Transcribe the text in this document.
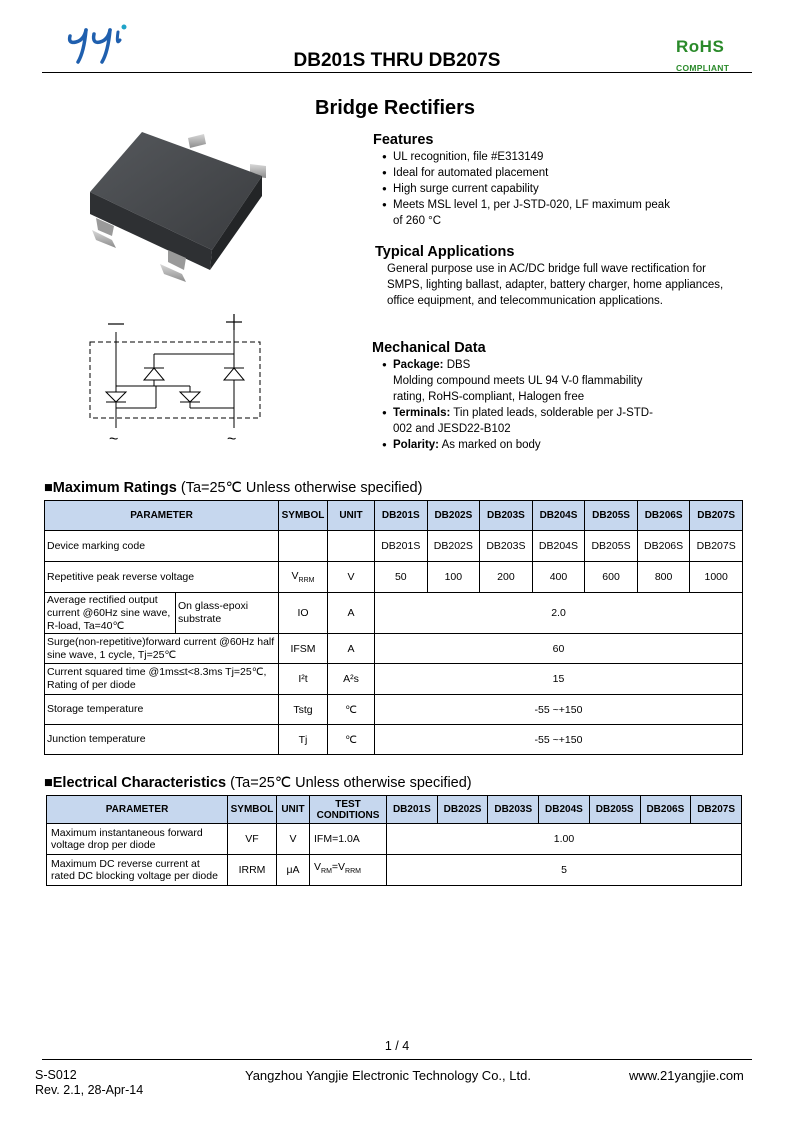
DB201S THRU DB207S
RoHS
COMPLIANT
Bridge Rectifiers
~	~
Features
● UL recognition, file #E313149
● Ideal for automated placement
● High surge current capability
● Meets MSL level 1, per J-STD-020, LF maximum peak of 260 °C
Typical Applications
General purpose use in AC/DC bridge full wave rectification for SMPS, lighting ballast, adapter, battery charger, home appliances, office equipment, and telecommunication applications.
Mechanical Data
● Package: DBS
Molding compound meets UL 94 V-0 flammability rating, RoHS-compliant, Halogen free
● Terminals: Tin plated leads, solderable per J-STD-002 and JESD22-B102
● Polarity: As marked on body
■Maximum Ratings (Ta=25℃ Unless otherwise specified)
PARAMETER		SYMBOL	UNIT	DB201S	DB202S	DB203S	DB204S	DB205S	DB206S	DB207S
Device marking code				DB201S	DB202S	DB203S	DB204S	DB205S	DB206S	DB207S
Repetitive peak reverse voltage		$V_{RRM}$	V	50	100	200	400	600	800	1000
Average rectified output current @60Hz sine wave, R-load, Ta=40℃	On glass-epoxi substrate	IO	A	2.0						
Surge(non-repetitive)forward current @60Hz half sine wave, 1 cycle, Tj=25℃		IFSM	A	60						
Current squared time @1ms≤t<8.3ms Tj=25℃, Rating of per diode		I²t	A²s	15						
Storage temperature		Tstg	℃	-55 ~+150						
Junction temperature		Tj	℃	-55 ~+150						
■Electrical Characteristics (Ta=25℃ Unless otherwise specified)
PARAMETER	SYMBOL	UNIT	TEST CONDITIONS	DB201S	DB202S	DB203S	DB204S	DB205S	DB206S	DB207S
Maximum instantaneous forward voltage drop per diode	VF	V	IFM=1.0A	1.00						
Maximum DC reverse current at rated DC blocking voltage per diode	IRRM	μA	$V_{RM}=V_{RRM}$	5						
1 / 4
S-S012
Rev. 2.1, 28-Apr-14
Yangzhou Yangjie Electronic Technology Co., Ltd.	www.21yangjie.com
